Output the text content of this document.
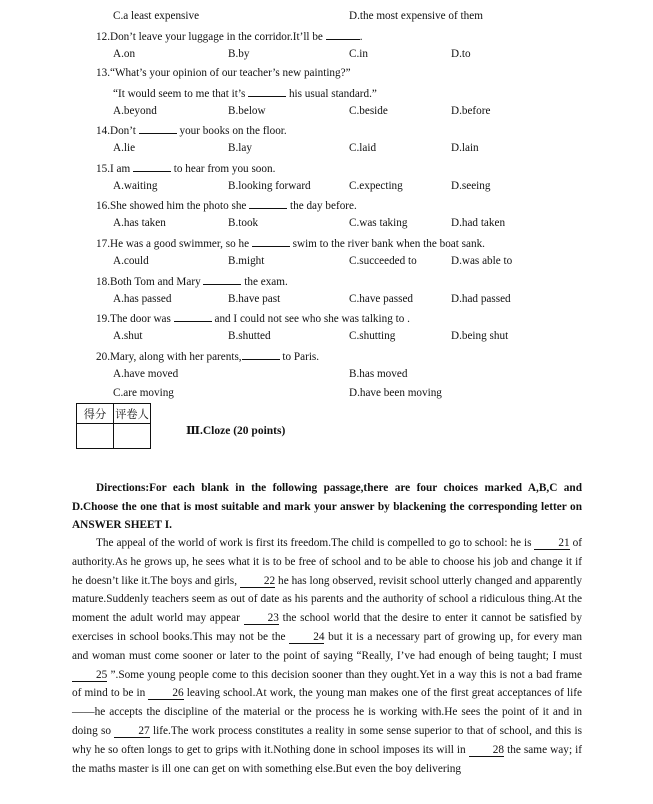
C.a least expensive	D.the most expensive of them
12.Don’t leave your luggage in the corridor.It’ll be	.
A.on	B.by	C.in	D.to
13.“What’s your opinion of our teacher’s new painting?”
“It would seem to me that it’s	his usual standard.”
A.beyond	B.below	C.beside	D.before
14.Don’t	your books on the floor.
A.lie	B.lay	C.laid	D.lain
15.I am	to hear from you soon.
A.waiting	B.looking forward	C.expecting	D.seeing
16.She showed him the photo she	the day before.
A.has taken	B.took	C.was taking	D.had taken
17.He was a good swimmer, so he	swim to the river bank when the boat sank.
A.could	B.might	C.succeeded to	D.was able to
18.Both Tom and Mary	the exam.
A.has passed	B.have past	C.have passed	D.had passed
19.The door was	and I could not see who she was talking to .
A.shut	B.shutted	C.shutting	D.being shut
20.Mary, along with her parents,	to Paris.
A.have moved	B.has moved
C.are moving	D.have been moving
得分	评卷人

Ⅲ.Cloze (20 points)
Directions:For each blank in the following passage,there are four choices marked A,B,C and D.Choose the one that is most suitable and mark your answer by blackening the corresponding letter on ANSWER SHEET I.
The appeal of the world of work is first its freedom.The child is compelled to go to school: he is 21 of authority.As he grows up, he sees what it is to be free of school and to be able to choose his job and change it if he doesn’t like it.The boys and girls, 22 he has long observed, revisit school utterly changed and apparently mature.Suddenly teachers seem as out of date as his parents and the authority of school a ridiculous thing.At the moment the adult world may appear 23 the school world that the desire to enter it cannot be satisfied by exercises in school books.This may not be the 24 but it is a necessary part of growing up, for every man and woman must come sooner or later to the point of saying “Really, I’ve had enough of being taught; I must 25 ”.Some young people come to this decision sooner than they ought.Yet in a way this is not a bad frame of mind to be in 26 leaving school.At work, the young man makes one of the first great acceptances of life——he accepts the discipline of the material or the process he is working with.He sees the point of it and in doing so 27 life.The work process constitutes a reality in some sense superior to that of school, and this is why he so often longs to get to grips with it.Nothing done in school imposes its will in 28 the same way; if the maths master is ill one can get on with something else.But even the boy delivering
